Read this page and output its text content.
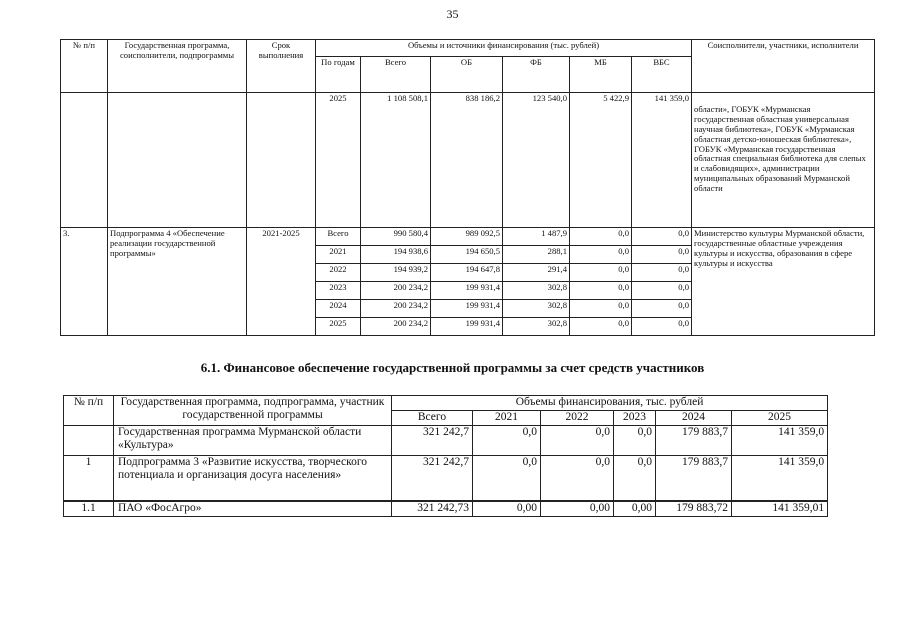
35
№ п/п	Государственная программа, соисполнители, подпрограммы	Срок выполнения	Объемы и источники финансирования (тыс. рублей)						Соисполнители, участники, исполнители
			По годам	Всего	ОБ	ФБ	МБ	ВБС	
			2025	1 108 508,1	838 186,2	123 540,0	5 422,9	141 359,0	области», ГОБУК «Мурманская государственная областная универсальная научная библиотека», ГОБУК «Мурманская областная детско-юношеская библиотека», ГОБУК «Мурманская государственная областная специальная библиотека для слепых и слабовидящих», администрации муниципальных образований Мурманской области
3.	Подпрограмма 4 «Обеспечение реализации государственной программы»	2021-2025	Всего	990 580,4	989 092,5	1 487,9	0,0	0,0	Министерство культуры Мурманской области, государственные областные учреждения культуры и искусства, образования в сфере культуры и искусства
			2021	194 938,6	194 650,5	288,1	0,0	0,0	
			2022	194 939,2	194 647,8	291,4	0,0	0,0	
			2023	200 234,2	199 931,4	302,8	0,0	0,0	
			2024	200 234,2	199 931,4	302,8	0,0	0,0	
			2025	200 234,2	199 931,4	302,8	0,0	0,0	
6.1. Финансовое обеспечение государственной программы за счет средств участников
№ п/п	Государственная программа, подпрограмма, участник государственной программы	Объемы финансирования, тыс. рублей					
		Всего	2021	2022	2023	2024	2025
	Государственная программа Мурманской области «Культура»	321 242,7	0,0	0,0	0,0	179 883,7	141 359,0
1	Подпрограмма 3 «Развитие искусства, творческого потенциала и организация досуга населения»	321 242,7	0,0	0,0	0,0	179 883,7	141 359,0
1.1	ПАО «ФосАгро»	321 242,73	0,00	0,00	0,00	179 883,72	141 359,01
